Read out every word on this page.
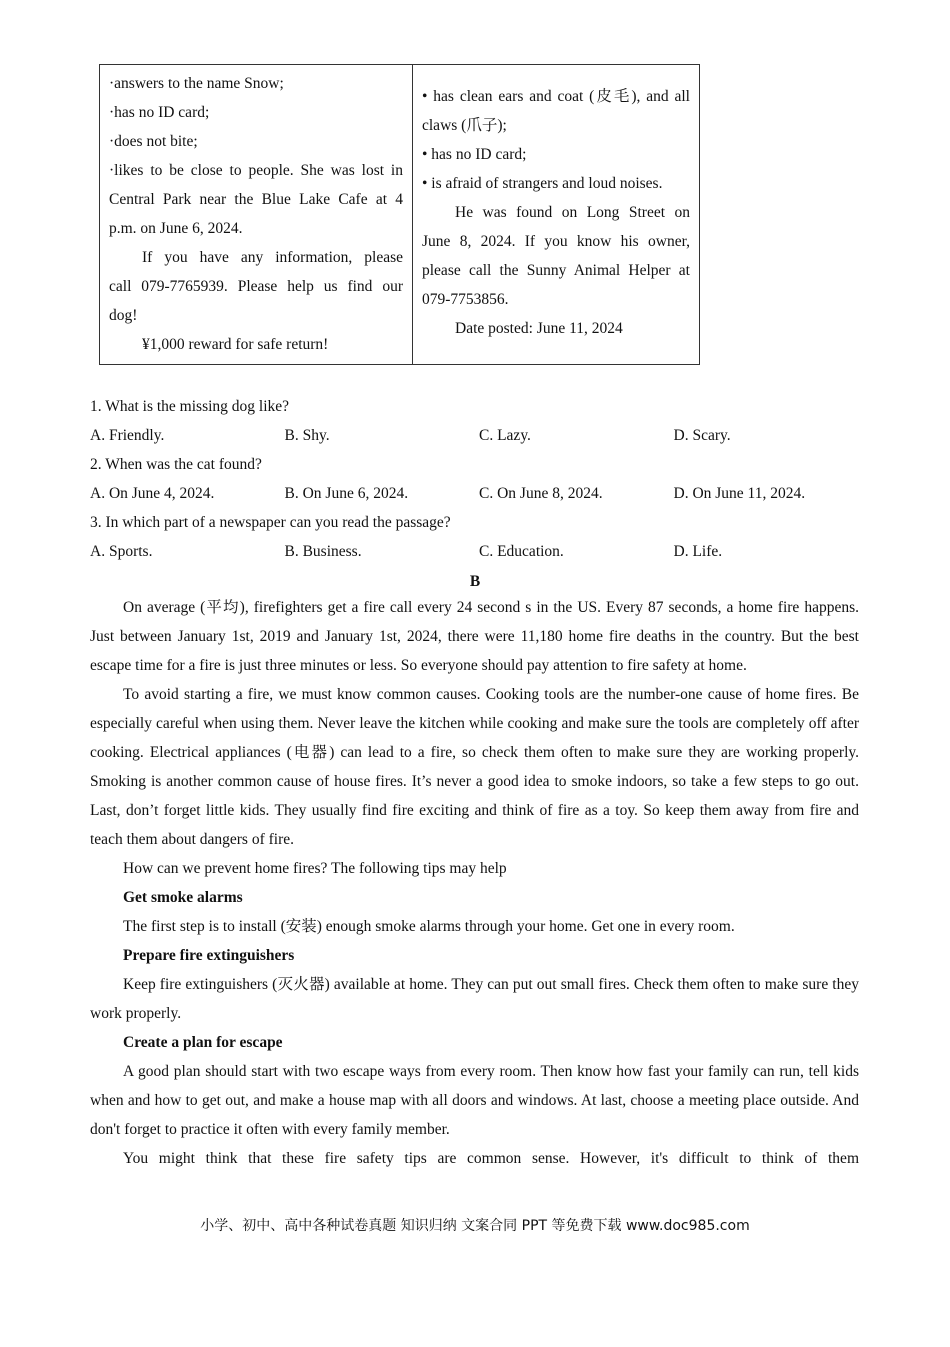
·answers to the name Snow;
·has no ID card;
·does not bite;
·likes to be close to people. She was lost in
Central Park near the Blue Lake Cafe at 4
p.m. on June 6, 2024.
If you have any information, please
call 079-7765939. Please help us find our
dog!
¥1,000 reward for safe return!
• has clean ears and coat (皮毛), and all
claws (爪子);
• has no ID card;
• is afraid of strangers and loud noises.
He was found on Long Street on
June 8, 2024. If you know his owner,
please call the Sunny Animal Helper at
079-7753856.
Date posted: June 11, 2024
1. What is the missing dog like?
A. Friendly.	B. Shy.	C. Lazy.	D. Scary.
2. When was the cat found?
A. On June 4, 2024.	B. On June 6, 2024.	C. On June 8, 2024.	D. On June 11, 2024.
3. In which part of a newspaper can you read the passage?
A. Sports.	B. Business.	C. Education.	D. Life.
B

On average (平均), firefighters get a fire call every 24 second s in the US. Every 87 seconds, a home fire happens. Just between January 1st, 2019 and January 1st, 2024, there were 11,180 home fire deaths in the country. But the best escape time for a fire is just three minutes or less. So everyone should pay attention to fire safety at home.

To avoid starting a fire, we must know common causes. Cooking tools are the number-one cause of home fires. Be especially careful when using them. Never leave the kitchen while cooking and make sure the tools are completely off after cooking. Electrical appliances (电器) can lead to a fire, so check them often to make sure they are working properly. Smoking is another common cause of house fires. It’s never a good idea to smoke indoors, so take a few steps to go out. Last, don’t forget little kids. They usually find fire exciting and think of fire as a toy. So keep them away from fire and teach them about dangers of fire.

How can we prevent home fires? The following tips may help

Get smoke alarms

The first step is to install (安装) enough smoke alarms through your home. Get one in every room.

Prepare fire extinguishers

Keep fire extinguishers (灭火器) available at home. They can put out small fires. Check them often to make sure they work properly.

Create a plan for escape

A good plan should start with two escape ways from every room. Then know how fast your family can run, tell kids when and how to get out, and make a house map with all doors and windows. At last, choose a meeting place outside. And don't forget to practice it often with every family member.

You might think that these fire safety tips are common sense. However, it's difficult to think of them

小学、初中、高中各种试卷真题 知识归纳 文案合同 PPT 等免费下载 www.doc985.com
